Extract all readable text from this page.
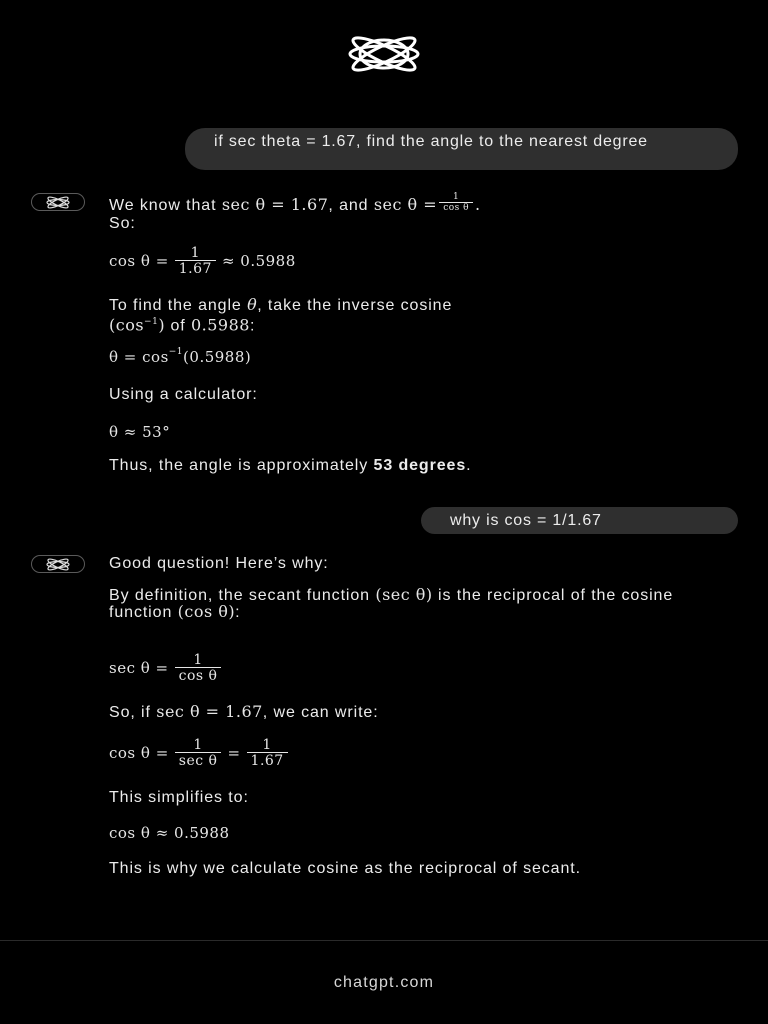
if sec theta = 1.67, find the angle to the nearest degree
We know that sec θ = 1.67, and $\sec \theta = \frac{1}{\text{cos θ}}$ .
So:
$\cos \theta = \frac{1}{1.67} \approx 0.5988$
To find the angle θ, take the inverse cosine
$(\cos^{-1})$ of 0.5988:
$\theta = \cos^{-1} (0.5988)$
Using a calculator:
θ ≈ 53°
Thus, the angle is approximately 53 degrees.
why is cos = 1/1.67
Good question! Here’s why:
By definition, the secant function (sec θ) is the reciprocal of the cosine function (cos θ):
$\sec \theta = \frac{1}{\text{cos θ}}$
So, if sec θ = 1.67, we can write:
$\cos \theta = \frac{1}{\text{sec θ}} = \frac{1}{1.67}$
This simplifies to:
cos θ ≈ 0.5988
This is why we calculate cosine as the reciprocal of secant.
chatgpt.com
